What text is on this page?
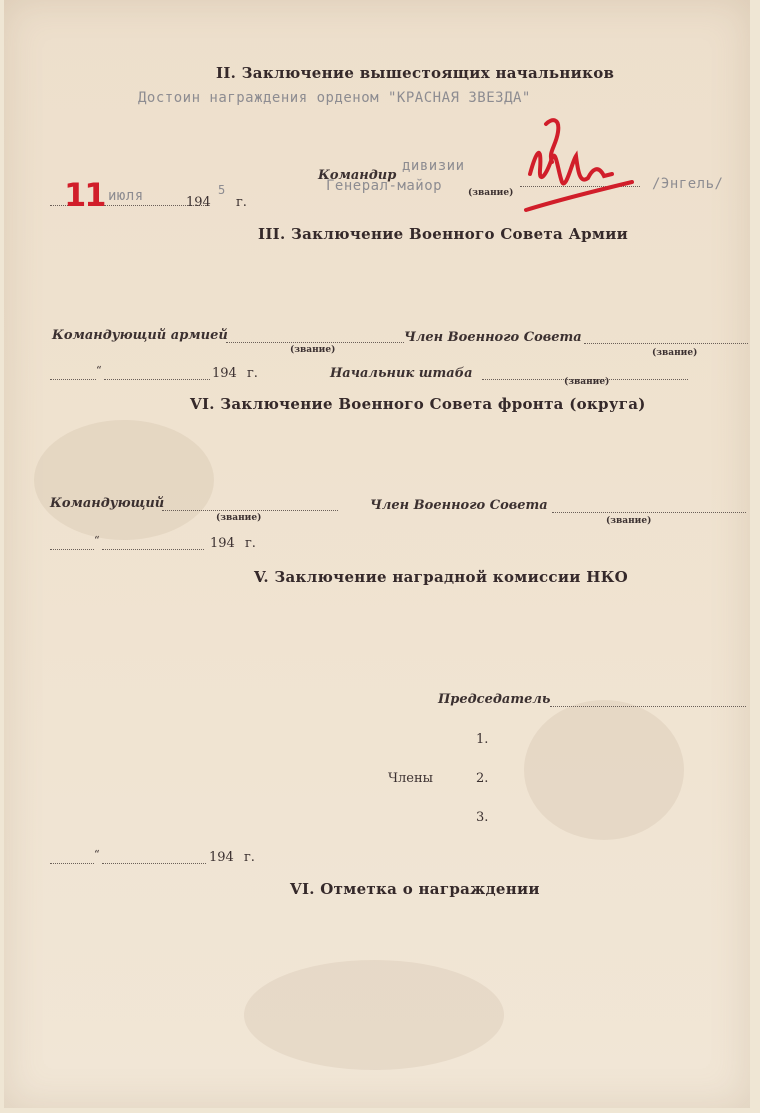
II. Заключение вышестоящих начальников
Достоин награждения орденом "КРАСНАЯ ЗВЕЗДА"
Командир
дивизии
Генерал-майор	(звание)
/Энгель/
11 июля	194
5
г.
III. Заключение Военного Совета Армии
Командующий армией
(звание)
Член Военного Совета
(звание)
“	194 г.	Начальник штаба
(звание)
VI. Заключение Военного Совета фронта (округа)
Командующий
(звание)
Член Военного Совета
(звание)
“	194 г.
V. Заключение наградной комиссии НКО
Председатель
1.
Члены	2.
3.
“	194 г.
VI. Отметка о награждении
